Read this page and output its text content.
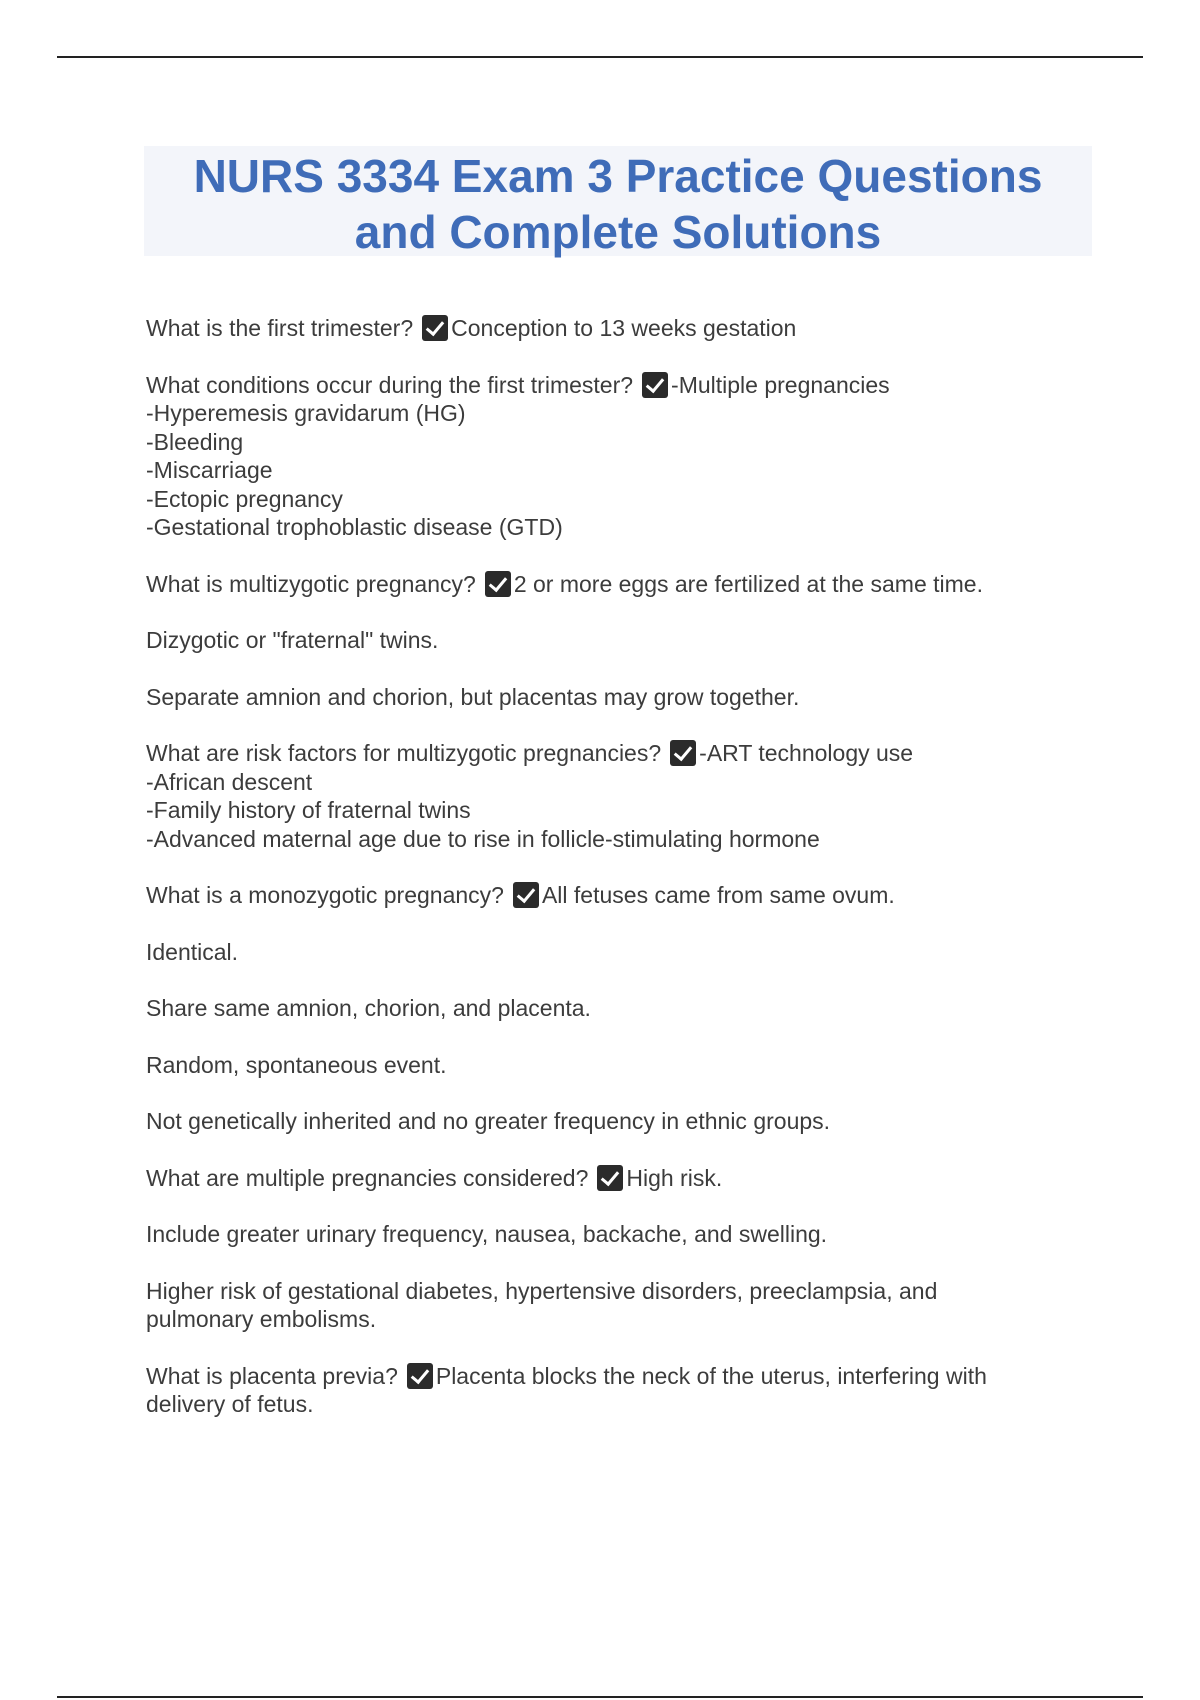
NURS 3334 Exam 3 Practice Questions
and Complete Solutions
What is the first trimester? Conception to 13 weeks gestation
What conditions occur during the first trimester? -Multiple pregnancies
-Hyperemesis gravidarum (HG)
-Bleeding
-Miscarriage
-Ectopic pregnancy
-Gestational trophoblastic disease (GTD)
What is multizygotic pregnancy? 2 or more eggs are fertilized at the same time.
Dizygotic or "fraternal" twins.
Separate amnion and chorion, but placentas may grow together.
What are risk factors for multizygotic pregnancies? -ART technology use
-African descent
-Family history of fraternal twins
-Advanced maternal age due to rise in follicle-stimulating hormone
What is a monozygotic pregnancy? All fetuses came from same ovum.
Identical.
Share same amnion, chorion, and placenta.
Random, spontaneous event.
Not genetically inherited and no greater frequency in ethnic groups.
What are multiple pregnancies considered? High risk.
Include greater urinary frequency, nausea, backache, and swelling.
Higher risk of gestational diabetes, hypertensive disorders, preeclampsia, and pulmonary embolisms.
What is placenta previa? Placenta blocks the neck of the uterus, interfering with delivery of fetus.
